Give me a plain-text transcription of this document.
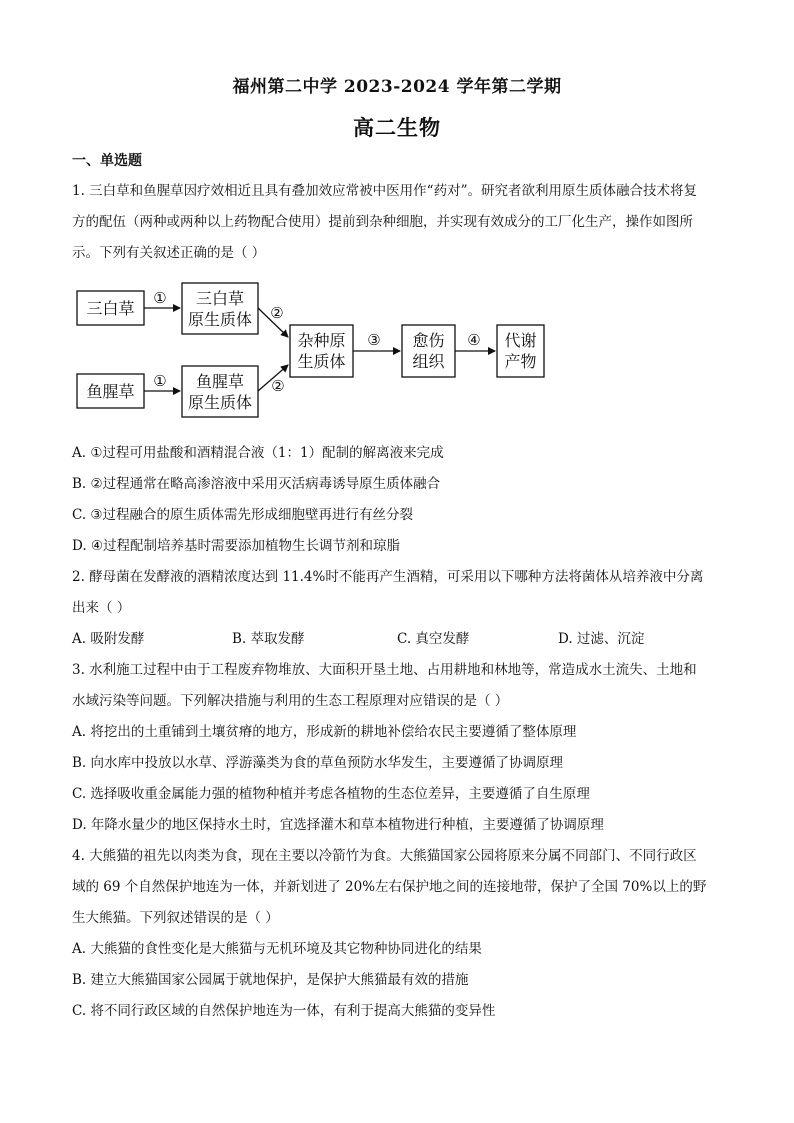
福州第二中学 2023-2024 学年第二学期
高二生物
一、单选题
1. 三白草和鱼腥草因疗效相近且具有叠加效应常被中医用作“药对”。研究者欲利用原生质体融合技术将复
方的配伍（两种或两种以上药物配合使用）提前到杂种细胞，并实现有效成分的工厂化生产，操作如图所
示。下列有关叙述正确的是（ ）
三白草
鱼腥草
三白草
原生质体
鱼腥草
原生质体
杂种原
生质体
愈伤
组织
代谢
产物
①
①
②
②
③	④
A. ①过程可用盐酸和酒精混合液（1：1）配制的解离液来完成
B. ②过程通常在略高渗溶液中采用灭活病毒诱导原生质体融合
C. ③过程融合的原生质体需先形成细胞壁再进行有丝分裂
D. ④过程配制培养基时需要添加植物生长调节剂和琼脂
2. 酵母菌在发酵液的酒精浓度达到 11.4%时不能再产生酒精，可采用以下哪种方法将菌体从培养液中分离
出来（ ）
A. 吸附发酵	B. 萃取发酵	C. 真空发酵	D. 过滤、沉淀
3. 水利施工过程中由于工程废弃物堆放、大面积开垦土地、占用耕地和林地等，常造成水土流失、土地和
水域污染等问题。下列解决措施与利用的生态工程原理对应错误的是（ ）
A. 将挖出的土重铺到土壤贫瘠的地方，形成新的耕地补偿给农民主要遵循了整体原理
B. 向水库中投放以水草、浮游藻类为食的草鱼预防水华发生，主要遵循了协调原理
C. 选择吸收重金属能力强的植物种植并考虑各植物的生态位差异，主要遵循了自生原理
D. 年降水量少的地区保持水土时，宜选择灌木和草本植物进行种植，主要遵循了协调原理
4. 大熊猫的祖先以肉类为食，现在主要以冷箭竹为食。大熊猫国家公园将原来分属不同部门、不同行政区
域的 69 个自然保护地连为一体，并新划进了 20%左右保护地之间的连接地带，保护了全国 70%以上的野
生大熊猫。下列叙述错误的是（ ）
A. 大熊猫的食性变化是大熊猫与无机环境及其它物种协同进化的结果
B. 建立大熊猫国家公园属于就地保护，是保护大熊猫最有效的措施
C. 将不同行政区域的自然保护地连为一体，有利于提高大熊猫的变异性
